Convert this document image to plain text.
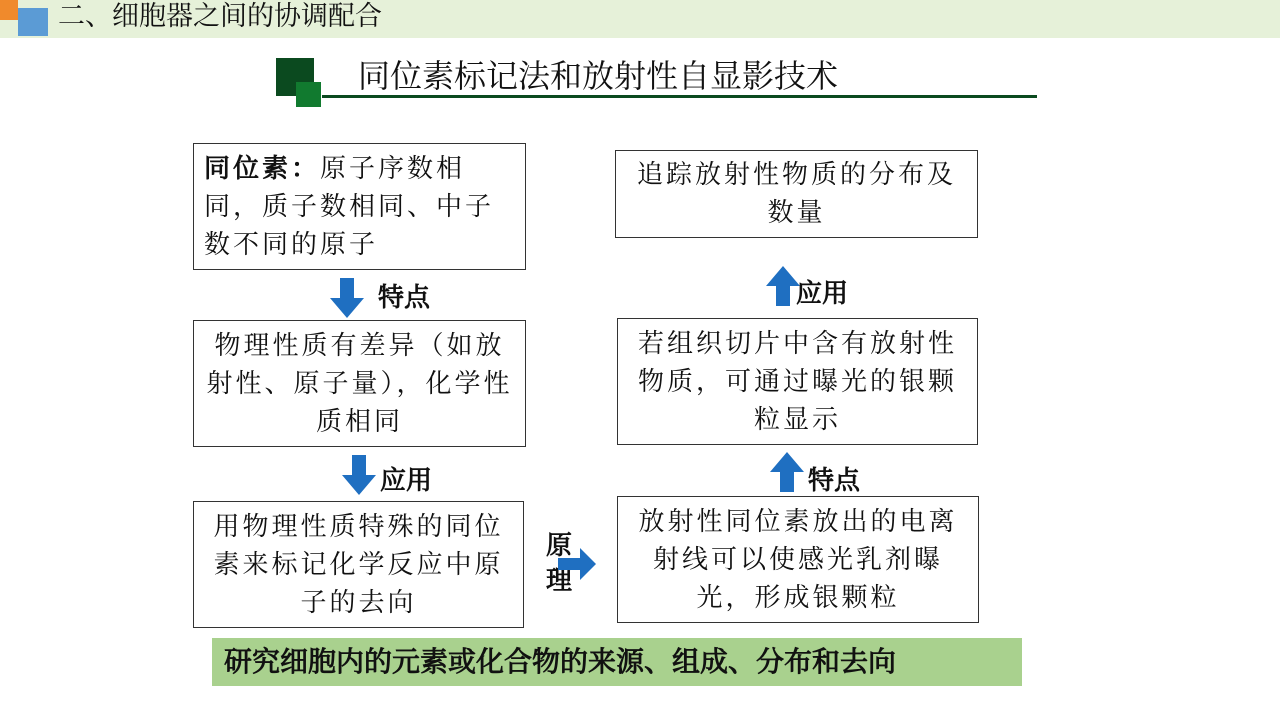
二、细胞器之间的协调配合
同位素标记法和放射性自显影技术
同位素：原子序数相同，质子数相同、中子数不同的原子
特点
物理性质有差异（如放射性、原子量），化学性质相同
应用
用物理性质特殊的同位素来标记化学反应中原子的去向
原
理
放射性同位素放出的电离射线可以使感光乳剂曝光，形成银颗粒
特点
若组织切片中含有放射性物质，可通过曝光的银颗粒显示
应用
追踪放射性物质的分布及数量
研究细胞内的元素或化合物的来源、组成、分布和去向
